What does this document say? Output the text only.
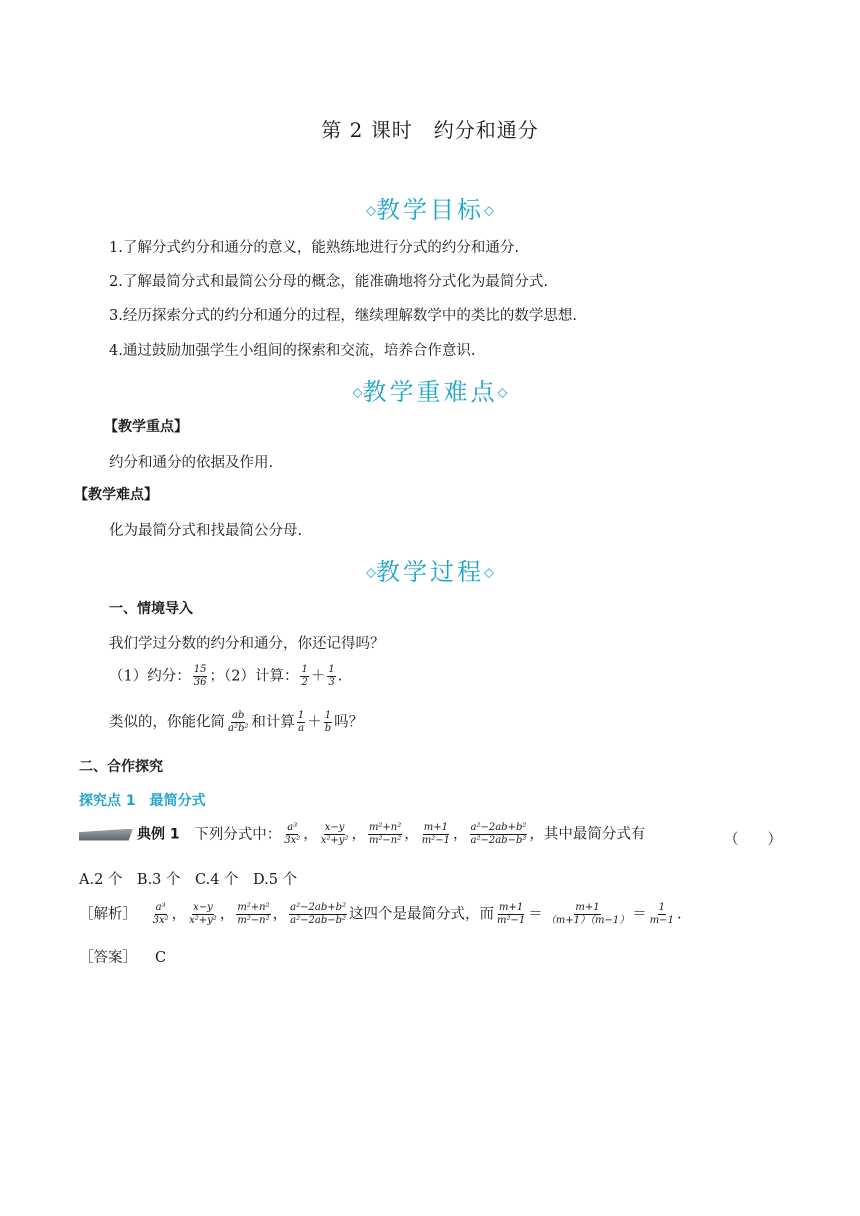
第 2 课时　约分和通分
◇教学目标◇
1.了解分式约分和通分的意义，能熟练地进行分式的约分和通分.
2.了解最简分式和最简公分母的概念，能准确地将分式化为最简分式.
3.经历探索分式的约分和通分的过程，继续理解数学中的类比的数学思想.
4.通过鼓励加强学生小组间的探索和交流，培养合作意识.
◇教学重难点◇
【教学重点】
约分和通分的依据及作用.
【教学难点】
化为最简分式和找最简公分母.
◇教学过程◇
一、情境导入
我们学过分数的约分和通分，你还记得吗？
（1）约分： $\frac{15}{36}$ ；（2）计算： $\frac{1}{2} + \frac{1}{3}$ .
类似的，你能化简 $\frac{ab}{\text{a²b²}}$ 和计算 $\frac{1}{a} + \frac{1}{b}$ 吗？
二、合作探究
探究点 1　最简分式
典例 1 下列分式中： $\frac{\text{a³}}{\text{3x²}}$ ， $\frac{x-y}{\text{x²+y²}}$ ， $\frac{\text{m²+n²}}{\text{m²−n²}}$ ， $\frac{m+1}{\text{m²−1}}$ ， $\frac{\text{a²−2ab+b²}}{\text{a²−2ab−b²}}$ ，其中最简分式有	（　　）
A.2 个　B.3 个　C.4 个　D.5 个
［解析］ $\frac{\text{a³}}{\text{3x²}}$ ， $\frac{x-y}{\text{x²+y²}}$ ， $\frac{\text{m²+n²}}{\text{m²−n²}}$ ， $\frac{\text{a²−2ab+b²}}{\text{a²−2ab−b²}}$ 这四个是最简分式，而 $\frac{m+1}{\text{m²−1}} = \frac{m+1}{(m+1)(m-1)} = \frac{1}{m-1}$ .
［答案］ C
